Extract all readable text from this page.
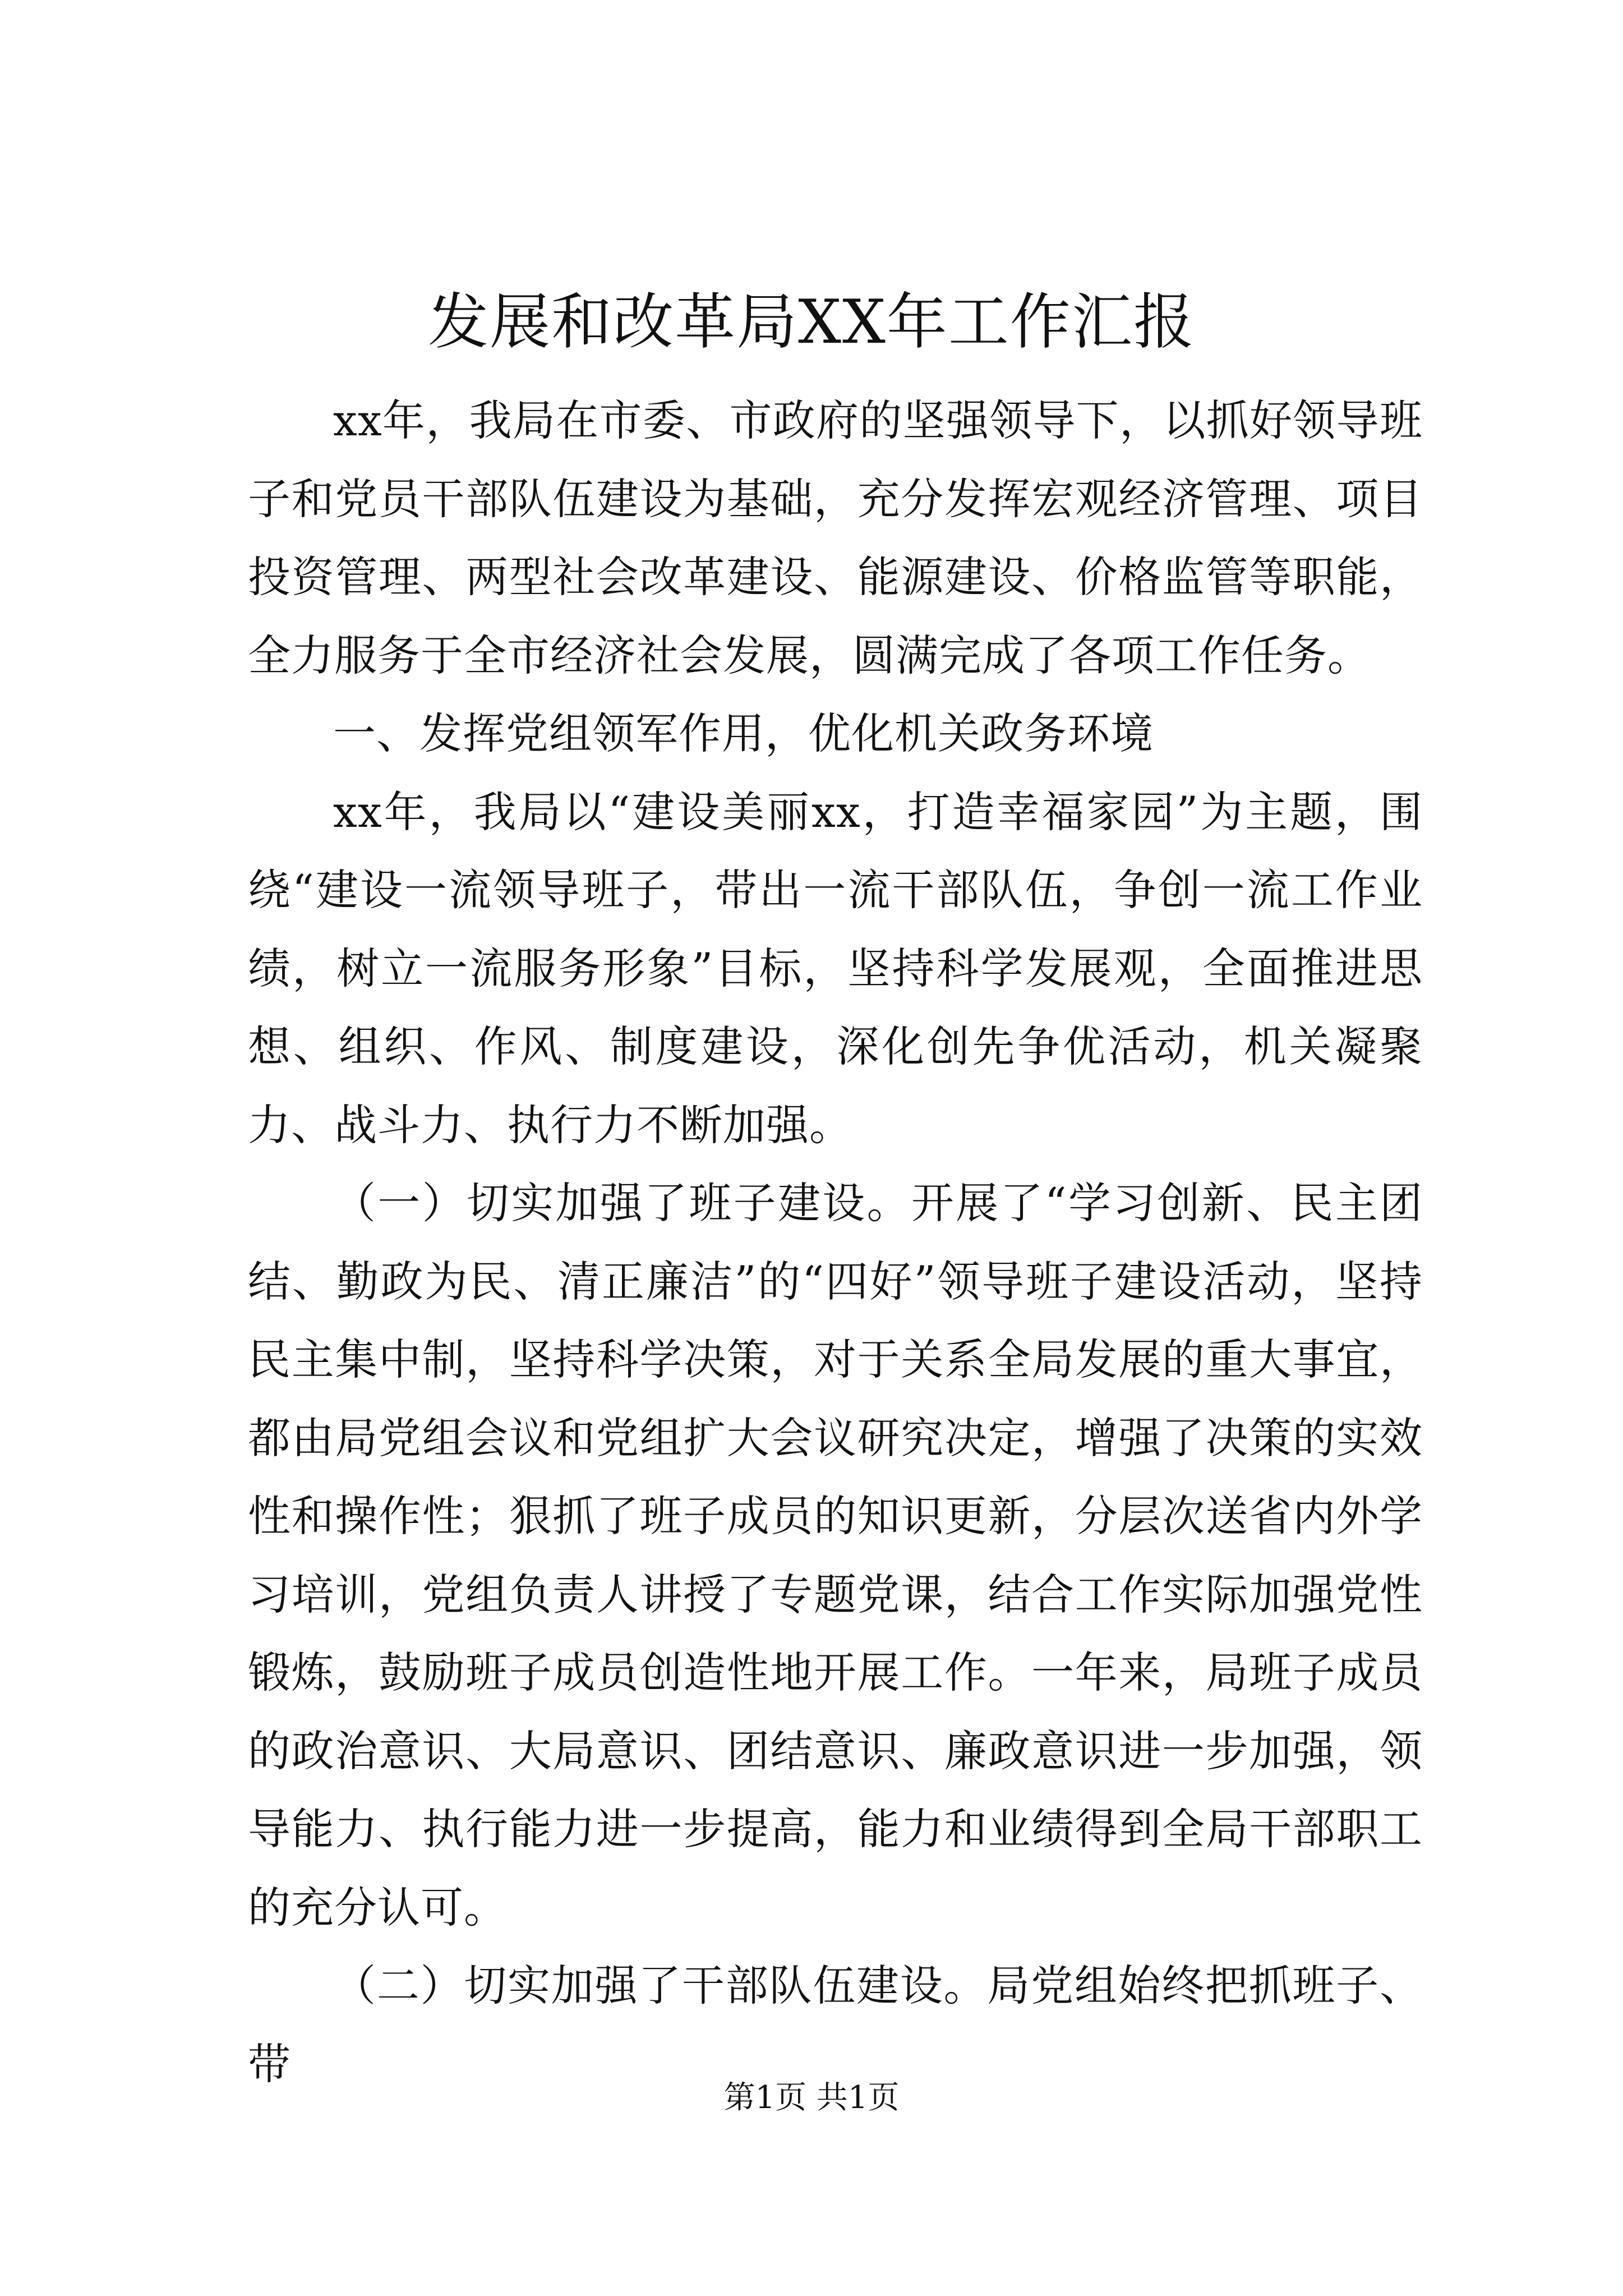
发展和改革局XX年工作汇报

xx年，我局在市委、市政府的坚强领导下，以抓好领导班子和党员干部队伍建设为基础，充分发挥宏观经济管理、项目投资管理、两型社会改革建设、能源建设、价格监管等职能，全力服务于全市经济社会发展，圆满完成了各项工作任务。

一、发挥党组领军作用，优化机关政务环境

xx年，我局以“建设美丽xx，打造幸福家园”为主题，围绕“建设一流领导班子，带出一流干部队伍，争创一流工作业绩，树立一流服务形象”目标，坚持科学发展观，全面推进思想、组织、作风、制度建设，深化创先争优活动，机关凝聚力、战斗力、执行力不断加强。

（一）切实加强了班子建设。开展了“学习创新、民主团结、勤政为民、清正廉洁”的“四好”领导班子建设活动，坚持民主集中制，坚持科学决策，对于关系全局发展的重大事宜，都由局党组会议和党组扩大会议研究决定，增强了决策的实效性和操作性；狠抓了班子成员的知识更新，分层次送省内外学习培训，党组负责人讲授了专题党课，结合工作实际加强党性锻炼，鼓励班子成员创造性地开展工作。一年来，局班子成员的政治意识、大局意识、团结意识、廉政意识进一步加强，领导能力、执行能力进一步提高，能力和业绩得到全局干部职工的充分认可。

（二）切实加强了干部队伍建设。局党组始终把抓班子、带

第1页 共1页
